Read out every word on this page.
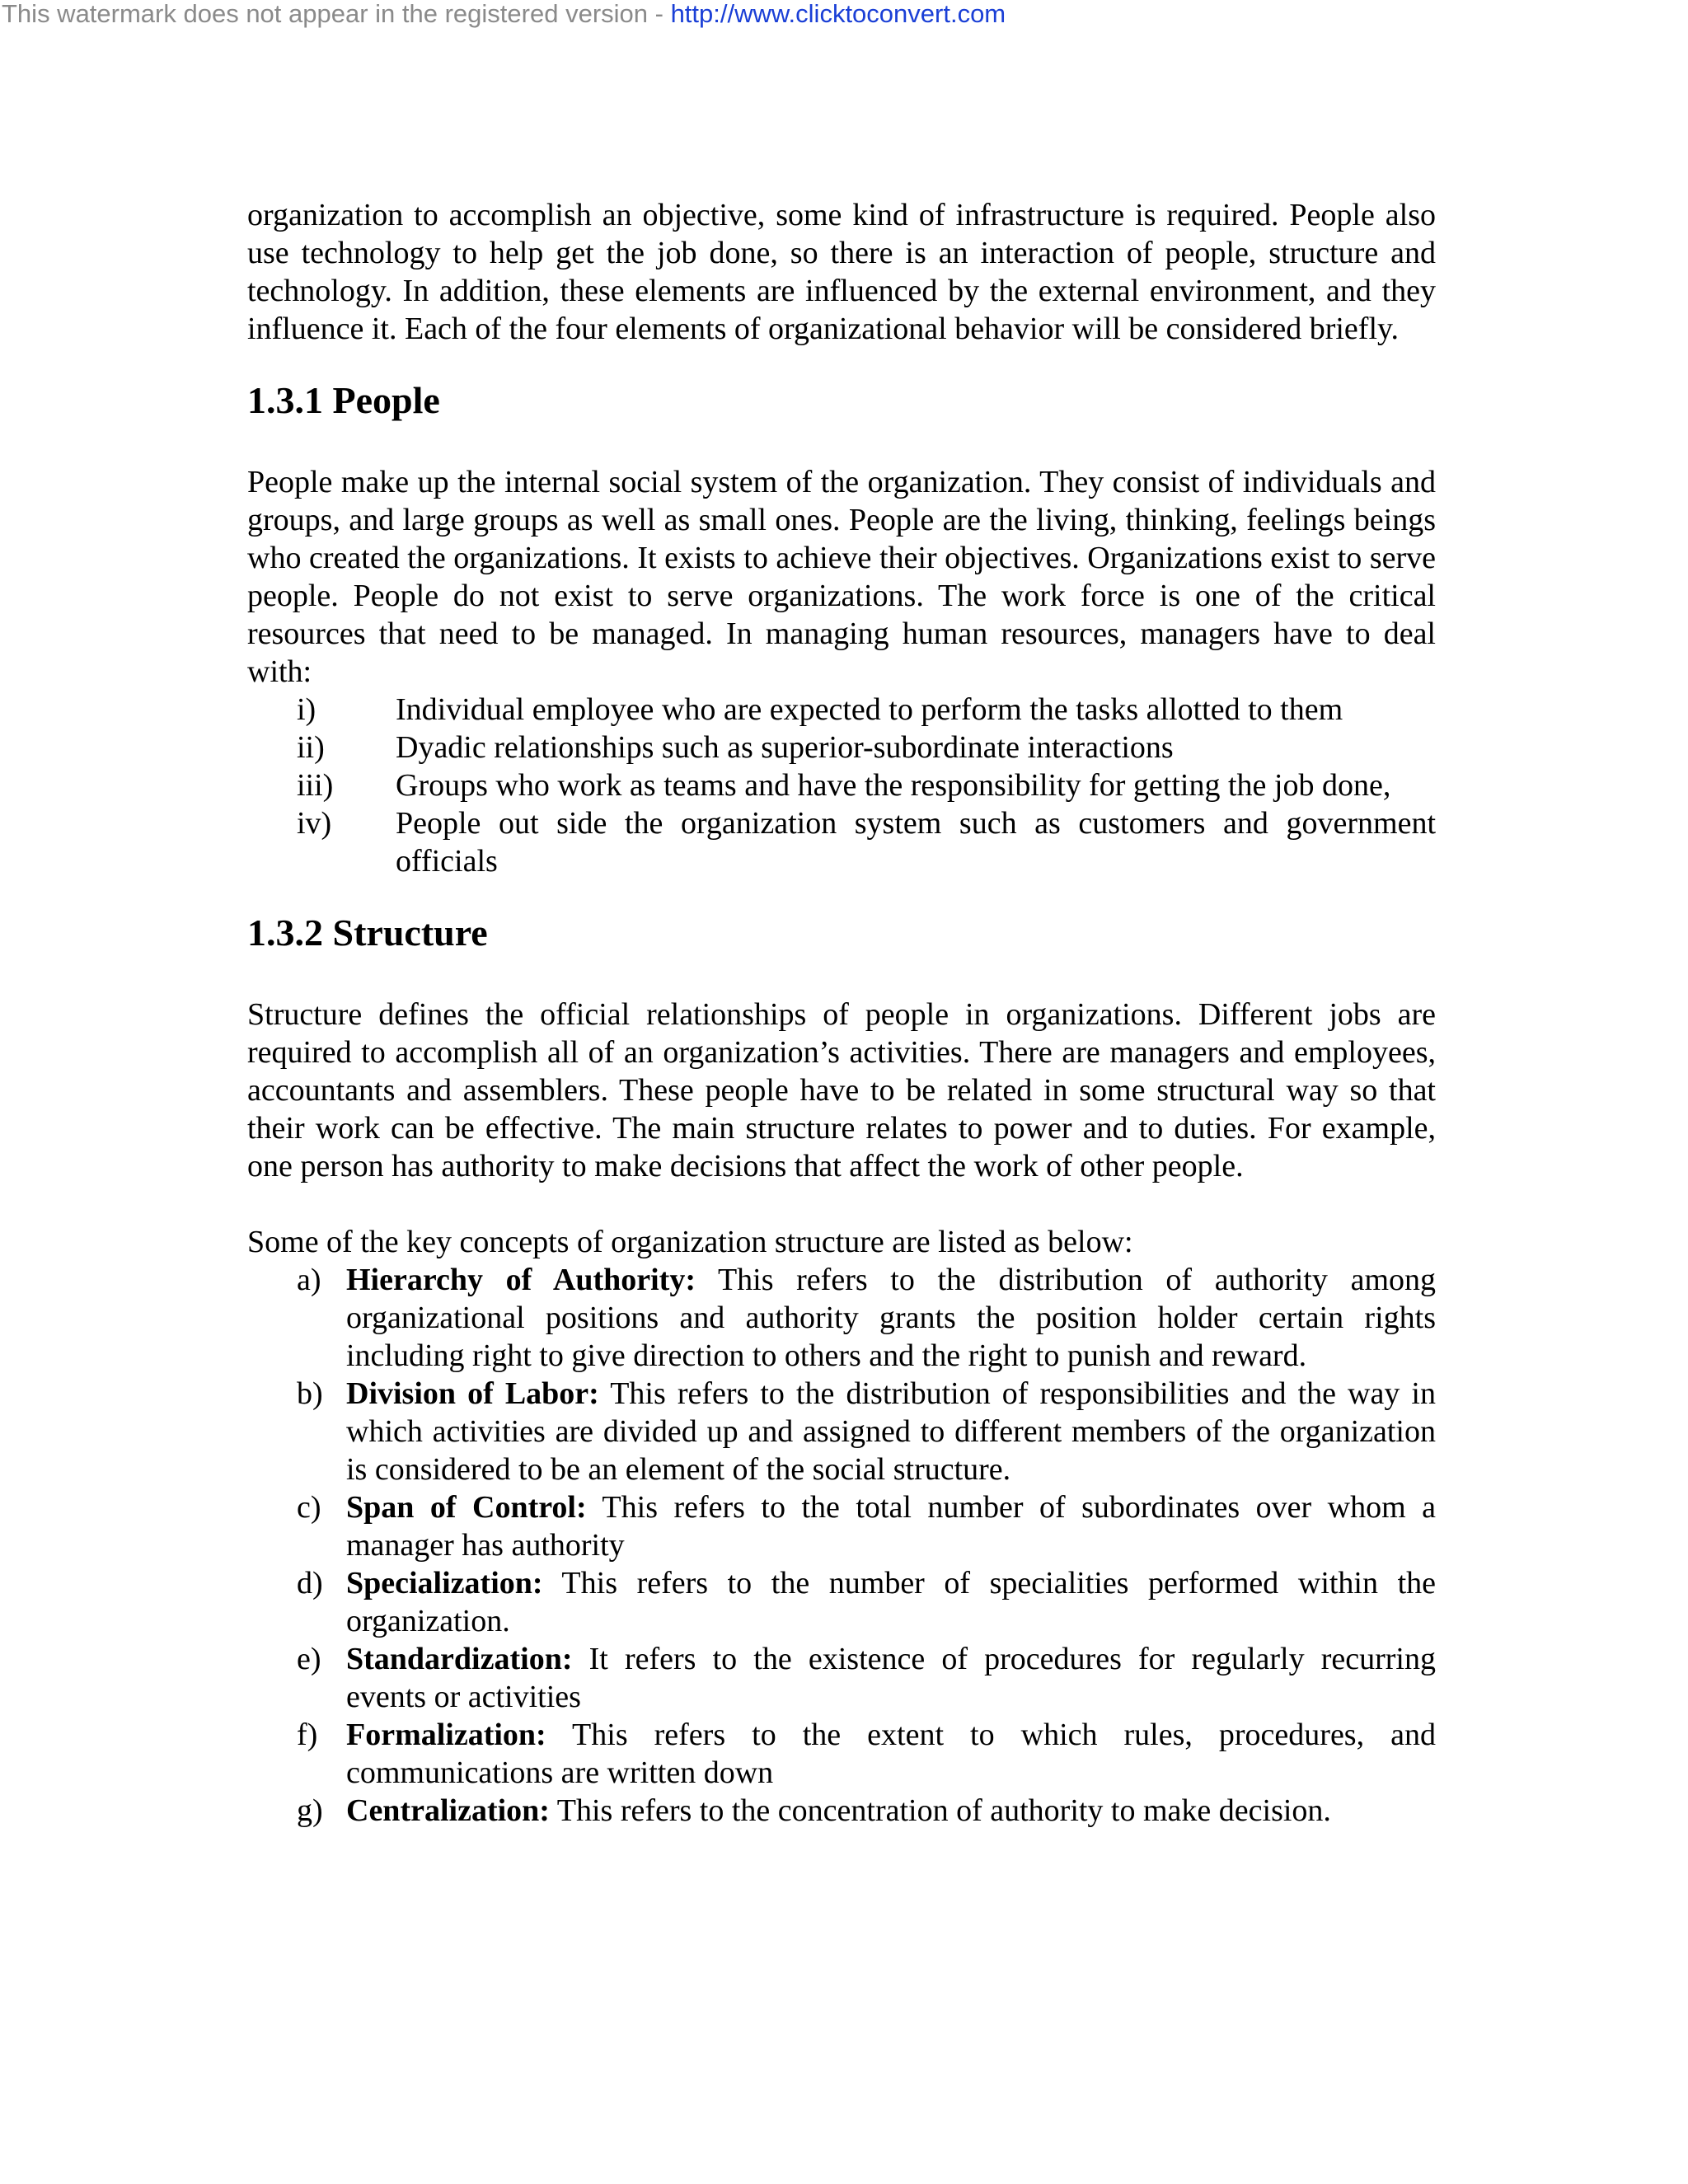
This watermark does not appear in the registered version - http://www.clicktoconvert.com

organization to accomplish an objective, some kind of infrastructure is required. People also use technology to help get the job done, so there is an interaction of people, structure and technology. In addition, these elements are influenced by the external environment, and they influence it. Each of the four elements of organizational behavior will be considered briefly.

1.3.1 People

People make up the internal social system of the organization. They consist of individuals and groups, and large groups as well as small ones. People are the living, thinking, feelings beings who created the organizations. It exists to achieve their objectives. Organizations exist to serve people. People do not exist to serve organizations. The work force is one of the critical resources that need to be managed. In managing human resources, managers have to deal with:

i)	Individual employee who are expected to perform the tasks allotted to them
ii)	Dyadic relationships such as superior-subordinate interactions
iii)	Groups who work as teams and have the responsibility for getting the job done,
iv)	People out side the organization system such as customers and government officials
1.3.2 Structure

Structure defines the official relationships of people in organizations. Different jobs are required to accomplish all of an organization’s activities. There are managers and employees, accountants and assemblers. These people have to be related in some structural way so that their work can be effective. The main structure relates to power and to duties. For example, one person has authority to make decisions that affect the work of other people.

Some of the key concepts of organization structure are listed as below:

a) Hierarchy of Authority: This refers to the distribution of authority among organizational positions and authority grants the position holder certain rights including right to give direction to others and the right to punish and reward.
b) Division of Labor: This refers to the distribution of responsibilities and the way in which activities are divided up and assigned to different members of the organization is considered to be an element of the social structure.
c) Span of Control: This refers to the total number of subordinates over whom a manager has authority
d) Specialization: This refers to the number of specialities performed within the organization.
e) Standardization: It refers to the existence of procedures for regularly recurring events or activities
f) Formalization: This refers to the extent to which rules, procedures, and communications are written down
g) Centralization: This refers to the concentration of authority to make decision.
